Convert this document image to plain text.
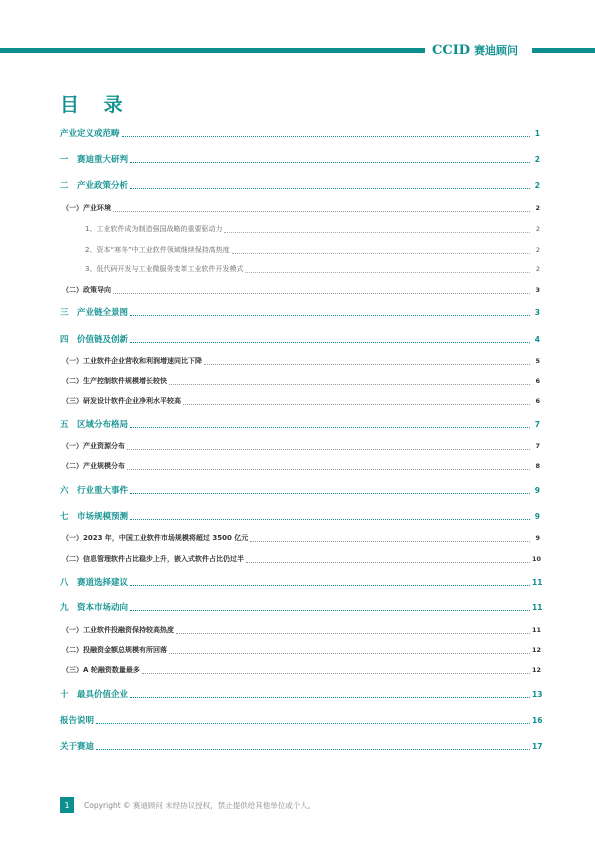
CCID 赛迪顾问
目 录
产业定义或范畴	1
一　赛迪重大研判	2
二　产业政策分析	2
（一）产业环境	2
1、工业软件成为制造强国战略的重要驱动力	2
2、资本“寒冬”中工业软件领域继续保持高热度	2
3、低代码开发与工业微服务变革工业软件开发模式	2
（二）政策导向	3
三　产业链全景图	3
四　价值链及创新	4
（一）工业软件企业营收和利润增速同比下降	5
（二）生产控制软件规模增长较快	6
（三）研发设计软件企业净利水平较高	6
五　区域分布格局	7
（一）产业资源分布	7
（二）产业规模分布	8
六　行业重大事件	9
七　市场规模预测	9
（一）2023 年，中国工业软件市场规模将超过 3500 亿元	9
（二）信息管理软件占比稳步上升，嵌入式软件占比仍过半	10
八　赛道选择建议	11
九　资本市场动向	11
（一）工业软件投融资保持较高热度	11
（二）投融资金额总规模有所回落	12
（三）A 轮融资数量最多	12
十　最具价值企业	13
报告说明	16
关于赛迪	17
1	Copyright © 赛迪顾问 未经协议授权，禁止提供给其他单位或个人。
